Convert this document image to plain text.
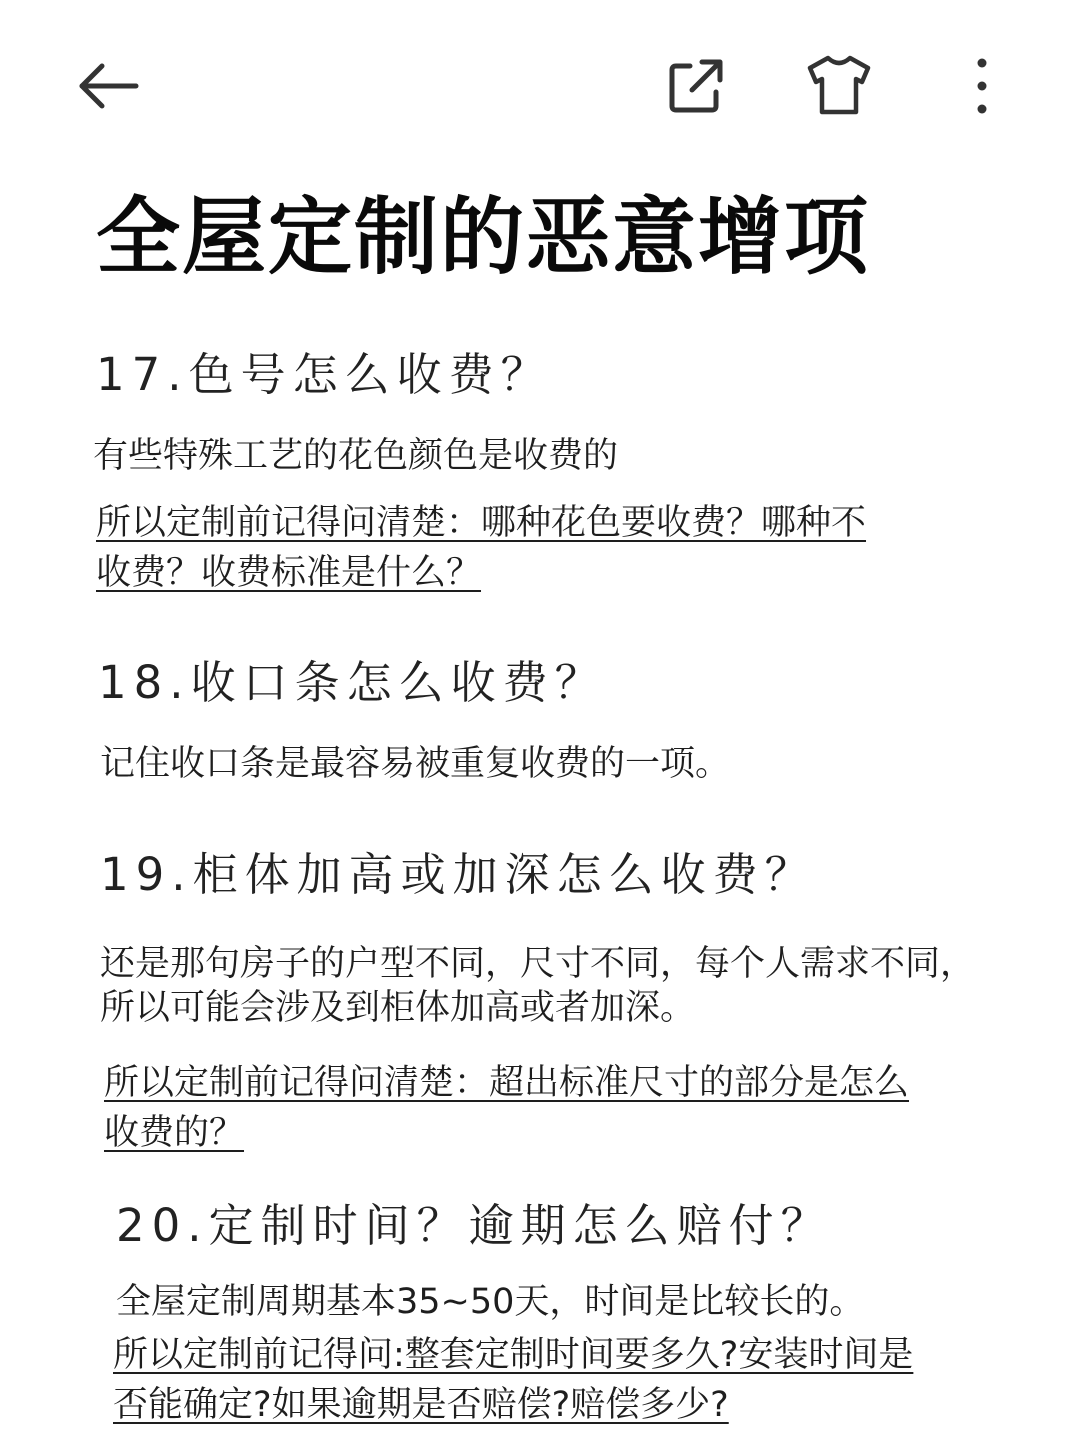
全屋定制的恶意增项
17.色号怎么收费？
有些特殊工艺的花色颜色是收费的
所以定制前记得问清楚：哪种花色要收费？哪种不
收费？收费标准是什么？
18.收口条怎么收费？
记住收口条是最容易被重复收费的一项。
19.柜体加高或加深怎么收费？
还是那句房子的户型不同，尺寸不同，每个人需求不同，
所以可能会涉及到柜体加高或者加深。
所以定制前记得问清楚：超出标准尺寸的部分是怎么
收费的？
20.定制时间？逾期怎么赔付？
全屋定制周期基本35~50天，时间是比较长的。
所以定制前记得问:整套定制时间要多久?安装时间是
否能确定?如果逾期是否赔偿?赔偿多少?
